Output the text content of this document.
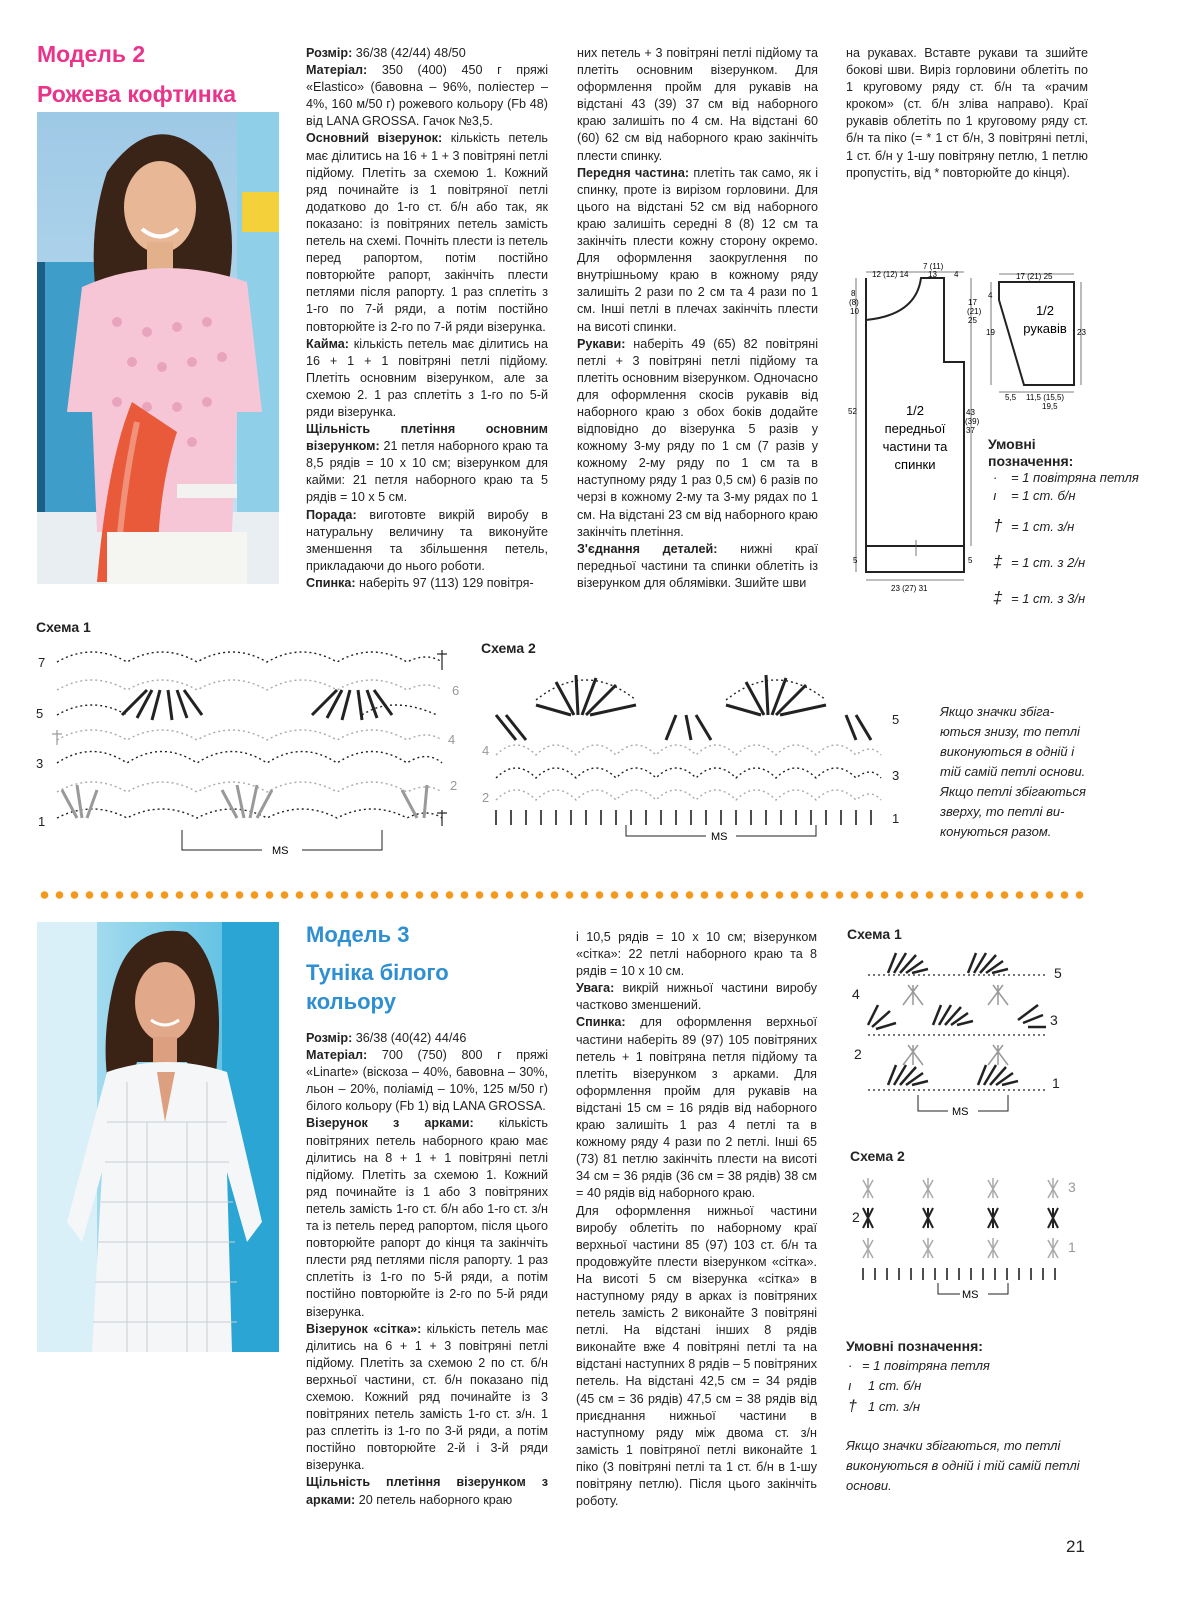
Модель 2
Рожева кофтинка

Розмір: 36/38 (42/44) 48/50

Матеріал: 350 (400) 450 г пряжі «Elastico» (бавовна – 96%, поліестер – 4%, 160 м/50 г) рожевого кольору (Fb 48) від LANA GROSSA. Гачок №3,5.

Основний візерунок: кількість петель має ділитись на 16 + 1 + 3 повітряні петлі підйому. Плетіть за схемою 1. Кожний ряд починайте із 1 повітряної петлі додатково до 1-го ст. б/н або так, як показано: із повітряних петель замість петель на схемі. Почніть плести із петель перед рапортом, потім постійно повторюйте рапорт, закінчіть плести петлями після рапорту. 1 раз сплетіть з 1-го по 7-й ряди, а потім постійно повторюйте із 2-го по 7-й ряди візерунка.

Кайма: кількість петель має ділитись на 16 + 1 + 1 повітряні петлі підйому. Плетіть основним візерунком, але за схемою 2. 1 раз сплетіть з 1-го по 5-й ряди візерунка.

Щільність плетіння основним візерунком: 21 петля наборного краю та 8,5 рядів = 10 х 10 см; візерунком для кайми: 21 петля наборного краю та 5 рядів = 10 х 5 см.

Порада: виготовте викрій виробу в натуральну величину та виконуйте зменшення та збільшення петель, прикладаючи до нього роботи.

Спинка: наберіть 97 (113) 129 повітря-

них петель + 3 повітряні петлі підйому та плетіть основним візерунком. Для оформлення пройм для рукавів на відстані 43 (39) 37 см від наборного краю залишіть по 4 см. На відстані 60 (60) 62 см від наборного краю закінчіть плести спинку.

Передня частина: плетіть так само, як і спинку, проте із вирізом горловини. Для цього на відстані 52 см від наборного краю залишіть середні 8 (8) 12 см та закінчіть плести кожну сторону окремо. Для оформлення заокруглення по внутрішньому краю в кожному ряду залишіть 2 рази по 2 см та 4 рази по 1 см. Інші петлі в плечах закінчіть плести на висоті спинки.

Рукави: наберіть 49 (65) 82 повітряні петлі + 3 повітряні петлі підйому та плетіть основним візерунком. Одночасно для оформлення скосів рукавів від наборного краю з обох боків додайте відповідно до візерунка 5 разів у кожному 3-му ряду по 1 см (7 разів у кожному 2-му ряду по 1 см та в наступному ряду 1 раз 0,5 см) 6 разів по черзі в кожному 2-му та 3-му рядах по 1 см. На відстані 23 см від наборного краю закінчіть плетіння.

З'єднання деталей: нижні краї передньої частини та спинки облетіть із візерунком для облямівки. Зшийте шви

на рукавах. Вставте рукави та зшийте бокові шви. Виріз горловини облетіть по 1 круговому ряду ст. б/н та «рачим кроком» (ст. б/н зліва направо). Краї рукавів облетіть по 1 круговому ряду ст. б/н та піко (= * 1 ст б/н, 3 повітряні петлі, 1 ст. б/н у 1-шу повітряну петлю, 1 петлю пропустіть, від * повторюйте до кінця).

12 (12) 14
7 (11)
13 4
8
(8)
10
52
17
(21)
25
43
(39)
37
5	5
23 (27) 31
17 (21) 25
4
19	23
5,5 11,5 (15,5)
19,5
1/2
передньої
частини та
спинки
1/2
рукавів
Умовні позначення:
· = 1 повітряна петля
ı = 1 ст. б/н
† = 1 ст. з/н
‡ = 1 ст. з 2/н
‡ = 1 ст. з 3/н
Схема 1
7
5
3
1
6
4
2
MS
Схема 2
4
2
5
3
1
MS
Якщо значки збіга-
ються знизу, то петлі
виконуються в одній і
тій самій петлі основи.
Якщо петлі збігаються
зверху, то петлі ви-
конуються разом.
Модель 3
Туніка білого
кольору

Розмір: 36/38 (40(42) 44/46

Матеріал: 700 (750) 800 г пряжі «Linarte» (віскоза – 40%, бавовна – 30%, льон – 20%, поліамід – 10%, 125 м/50 г) білого кольору (Fb 1) від LANA GROSSA.

Візерунок з арками: кількість повітряних петель наборного краю має ділитись на 8 + 1 + 1 повітряні петлі підйому. Плетіть за схемою 1. Кожний ряд починайте із 1 або 3 повітряних петель замість 1-го ст. б/н або 1-го ст. з/н та із петель перед рапортом, після цього повторюйте рапорт до кінця та закінчіть плести ряд петлями після рапорту. 1 раз сплетіть із 1-го по 5-й ряди, а потім постійно повторюйте із 2-го по 5-й ряди візерунка.

Візерунок «сітка»: кількість петель має ділитись на 6 + 1 + 3 повітряні петлі підйому. Плетіть за схемою 2 по ст. б/н верхньої частини, ст. б/н показано під схемою. Кожний ряд починайте із 3 повітряних петель замість 1-го ст. з/н. 1 раз сплетіть із 1-го по 3-й ряди, а потім постійно повторюйте 2-й і 3-й ряди візерунка.

Щільність плетіння візерунком з арками: 20 петель наборного краю

і 10,5 рядів = 10 х 10 см; візерунком «сітка»: 22 петлі наборного краю та 8 рядів = 10 х 10 см.

Увага: викрій нижньої частини виробу частково зменшений.

Спинка: для оформлення верхньої частини наберіть 89 (97) 105 повітряних петель + 1 повітряна петля підйому та плетіть візерунком з арками. Для оформлення пройм для рукавів на відстані 15 см = 16 рядів від наборного краю залишіть 1 раз 4 петлі та в кожному ряду 4 рази по 2 петлі. Інші 65 (73) 81 петлю закінчіть плести на висоті 34 см = 36 рядів (36 см = 38 рядів) 38 см = 40 рядів від наборного краю.

Для оформлення нижньої частини виробу облетіть по наборному краї верхньої частини 85 (97) 103 ст. б/н та продовжуйте плести візерунком «сітка». На висоті 5 см візерунка «сітка» в наступному ряду в арках із повітряних петель замість 2 виконайте 3 повітряні петлі. На відстані інших 8 рядів виконайте вже 4 повітряні петлі та на відстані наступних 8 рядів – 5 повітряних петель. На відстані 42,5 см = 34 рядів (45 см = 36 рядів) 47,5 см = 38 рядів від приєднання нижньої частини в наступному ряду між двома ст. з/н замість 1 повітряної петлі виконайте 1 піко (3 повітряні петлі та 1 ст. б/н в 1-шу повітряну петлю). Після цього закінчіть роботу.

Схема 1
4
2
5
3
1
MS
Схема 2
2
3
1
MS
Умовні позначення:
· = 1 повітряна петля
ı 1 ст. б/н
† 1 ст. з/н
Якщо значки збігаються, то петлі
виконуються в одній і тій самій петлі
основи.
21
